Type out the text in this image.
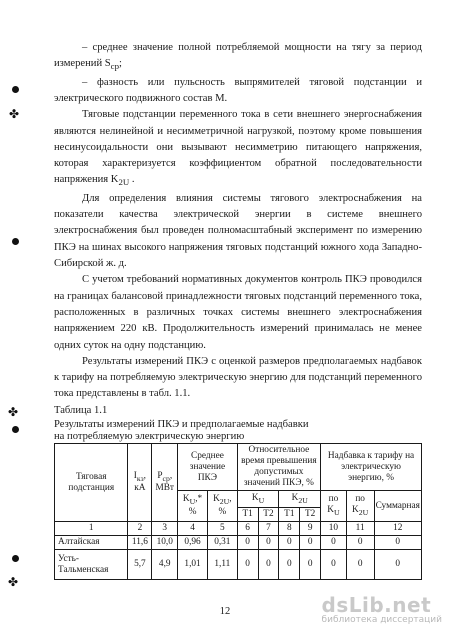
✤
✤
✤

– среднее значение полной потребляемой мощности на тягу за период измерений $S_{ср}$;

– фазность или пульсность выпрямителей тяговой подстанции и электрического подвижного состав M.

Тяговые подстанции переменного тока в сети внешнего энергоснабжения являются нелинейной и несимметричной нагрузкой, поэтому кроме повышения несинусоидальности они вызывают несимметрию питающего напряжения, которая характеризуется коэффициентом обратной последовательности напряжения $K_{2U}$ .

Для определения влияния системы тягового электроснабжения на показатели качества электрической энергии в системе внешнего электроснабжения был проведен полномасштабный эксперимент по измерению ПКЭ на шинах высокого напряжения тяговых подстанций южного хода Западно-Сибирской ж. д.

С учетом требований нормативных документов контроль ПКЭ проводился на границах балансовой принадлежности тяговых подстанций переменного тока, расположенных в различных точках системы внешнего электроснабжения напряжением 220 кВ. Продолжительность измерений принималась не менее одних суток на одну подстанцию.

Результаты измерений ПКЭ с оценкой размеров предполагаемых надбавок к тарифу на потребляемую электрическую энергию для подстанций переменного тока представлены в табл. 1.1.

Таблица 1.1

Результаты измерений ПКЭ и предполагаемые надбавки
на потребляемую электрическую энергию

Тяговая подстанция	$I_{кз}$, кА	$P_{ср}$, МВт	Среднее значение ПКЭ		Относительное время превышения допустимых значений ПКЭ, %				Надбавка к тарифу на электрическую энергию, %		
			$K_U,*$ %	$K_{2U}$, %	$K_U$		$K_{2U}$		по $K_U$	по $K_{2U}$	Суммарная
					T1	T2	T1	T2			
1	2	3	4	5	6	7	8	9	10	11	12
Алтайская	11,6	10,0	0,96	0,31	0	0	0	0	0	0	0
Усть-Тальменская	5,7	4,9	1,01	1,11	0	0	0	0	0	0	0
12	dsLib.net
библиотека диссертаций
